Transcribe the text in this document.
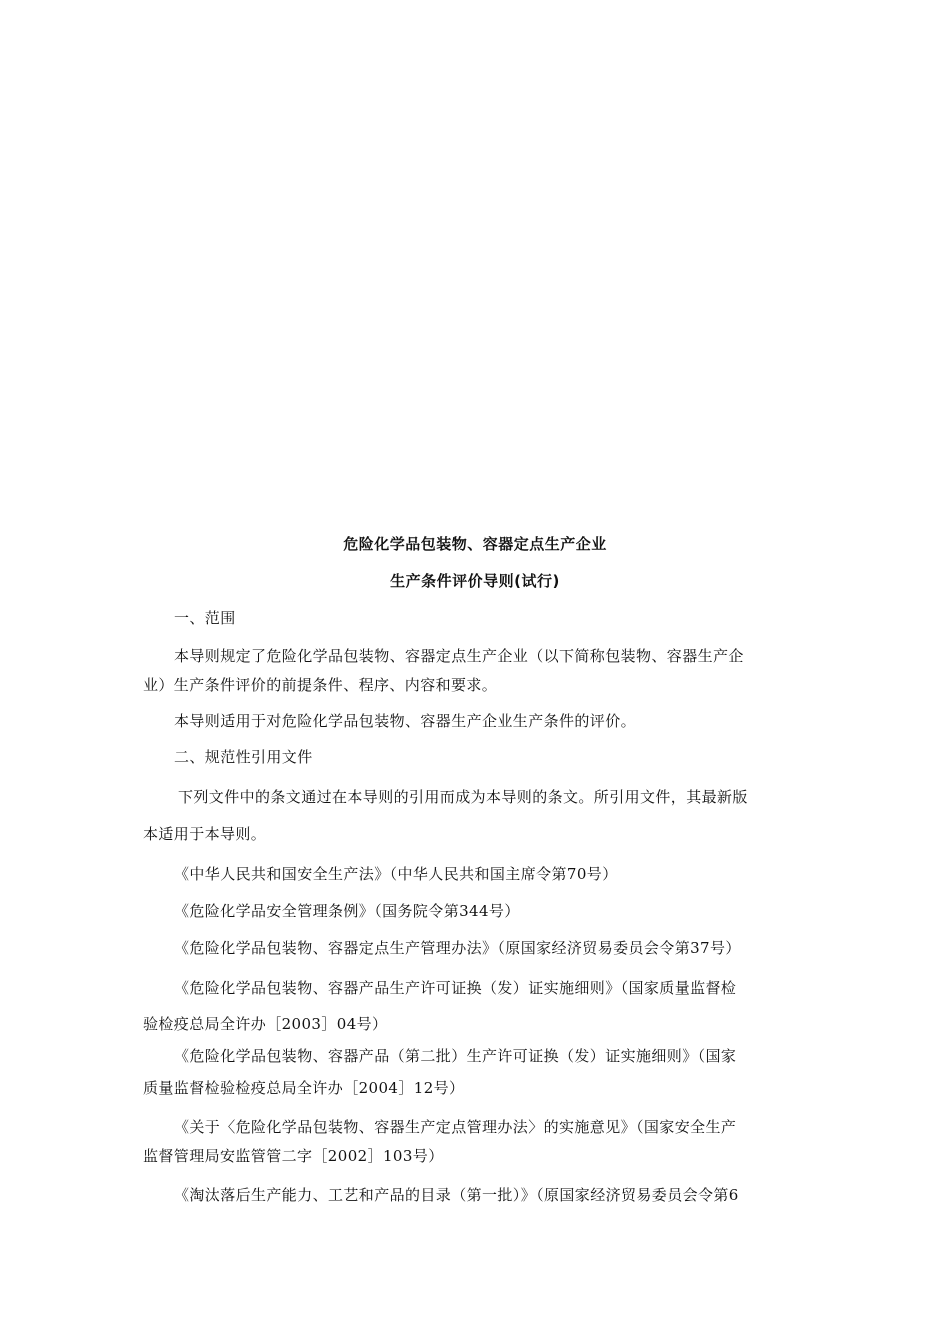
危险化学品包装物、容器定点生产企业
生产条件评价导则(试行)
一、范围
本导则规定了危险化学品包装物、容器定点生产企业（以下简称包装物、容器生产企
业）生产条件评价的前提条件、程序、内容和要求。
本导则适用于对危险化学品包装物、容器生产企业生产条件的评价。
二、规范性引用文件
下列文件中的条文通过在本导则的引用而成为本导则的条文。所引用文件，其最新版
本适用于本导则。
《中华人民共和国安全生产法》（中华人民共和国主席令第70号）
《危险化学品安全管理条例》（国务院令第344号）
《危险化学品包装物、容器定点生产管理办法》（原国家经济贸易委员会令第37号）
《危险化学品包装物、容器产品生产许可证换（发）证实施细则》（国家质量监督检
验检疫总局全许办［2003］04号）
《危险化学品包装物、容器产品（第二批）生产许可证换（发）证实施细则》（国家
质量监督检验检疫总局全许办［2004］12号）
《关于〈危险化学品包装物、容器生产定点管理办法〉的实施意见》（国家安全生产
监督管理局安监管管二字［2002］103号）
《淘汰落后生产能力、工艺和产品的目录（第一批）》（原国家经济贸易委员会令第6
